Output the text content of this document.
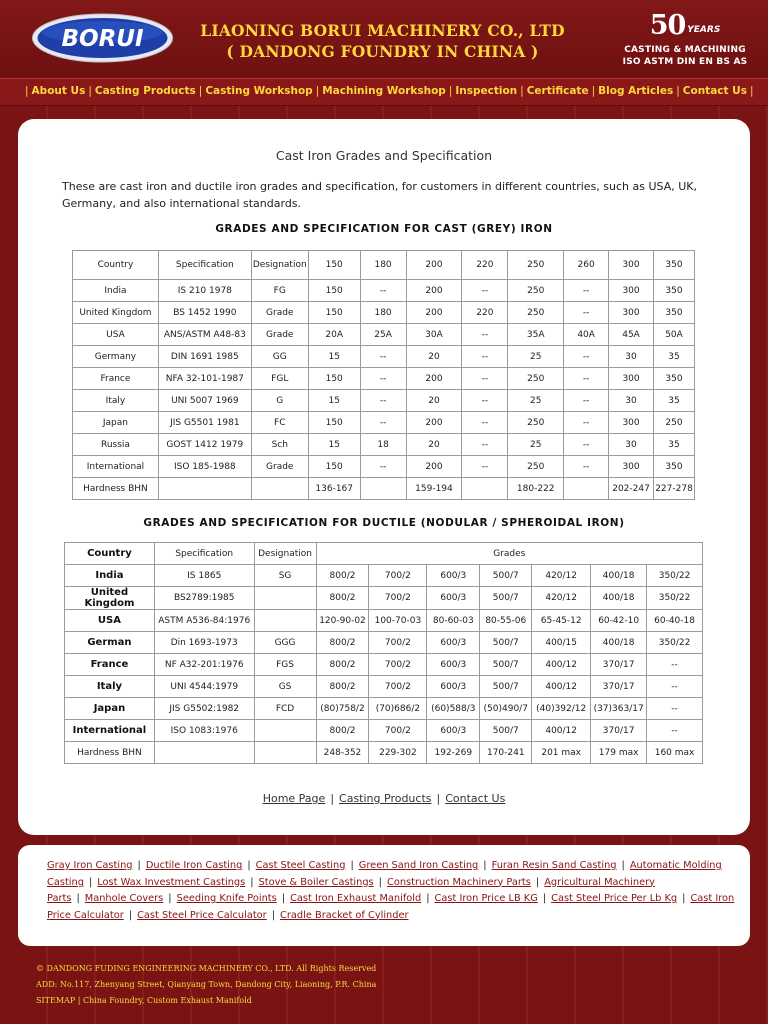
BORUI	LIAONING BORUI MACHINERY CO., LTD
( DANDONG FOUNDRY IN CHINA )
50 YEARS
CASTING & MACHINING
ISO ASTM DIN EN BS AS
| About Us | Casting Products | Casting Workshop | Machining Workshop | Inspection | Certificate | Blog Articles | Contact Us |
Cast Iron Grades and Specification
These are cast iron and ductile iron grades and specification, for customers in different countries, such as USA, UK, Germany, and also international standards.
GRADES AND SPECIFICATION FOR CAST (GREY) IRON
Country	Specification	Designation	150	180	200	220	250	260	300	350
India	IS 210 1978	FG	150	--	200	--	250	--	300	350
United Kingdom	BS 1452 1990	Grade	150	180	200	220	250	--	300	350
USA	ANS/ASTM A48-83	Grade	20A	25A	30A	--	35A	40A	45A	50A
Germany	DIN 1691 1985	GG	15	--	20	--	25	--	30	35
France	NFA 32-101-1987	FGL	150	--	200	--	250	--	300	350
Italy	UNI 5007 1969	G	15	--	20	--	25	--	30	35
Japan	JIS G5501 1981	FC	150	--	200	--	250	--	300	250
Russia	GOST 1412 1979	Sch	15	18	20	--	25	--	30	35
International	ISO 185-1988	Grade	150	--	200	--	250	--	300	350
Hardness BHN			136-167		159-194		180-222		202-247	227-278
GRADES AND SPECIFICATION FOR DUCTILE (NODULAR / SPHEROIDAL IRON)
Country	Specification	Designation	Grades						
India	IS 1865	SG	800/2	700/2	600/3	500/7	420/12	400/18	350/22
United Kingdom	BS2789:1985		800/2	700/2	600/3	500/7	420/12	400/18	350/22
USA	ASTM A536-84:1976		120-90-02	100-70-03	80-60-03	80-55-06	65-45-12	60-42-10	60-40-18
German	Din 1693-1973	GGG	800/2	700/2	600/3	500/7	400/15	400/18	350/22
France	NF A32-201:1976	FGS	800/2	700/2	600/3	500/7	400/12	370/17	--
Italy	UNI 4544:1979	GS	800/2	700/2	600/3	500/7	400/12	370/17	--
Japan	JIS G5502:1982	FCD	(80)758/2	(70)686/2	(60)588/3	(50)490/7	(40)392/12	(37)363/17	--
International	ISO 1083:1976		800/2	700/2	600/3	500/7	400/12	370/17	--
Hardness BHN			248-352	229-302	192-269	170-241	201 max	179 max	160 max
Home Page | Casting Products | Contact Us
Gray Iron Casting | Ductile Iron Casting | Cast Steel Casting | Green Sand Iron Casting | Furan Resin Sand Casting | Automatic Molding Casting | Lost Wax Investment Castings | Stove & Boiler Castings | Construction Machinery Parts | Agricultural Machinery Parts | Manhole Covers | Seeding Knife Points | Cast Iron Exhaust Manifold | Cast Iron Price LB KG | Cast Steel Price Per Lb Kg | Cast Iron Price Calculator | Cast Steel Price Calculator | Cradle Bracket of Cylinder
© DANDONG FUDING ENGINEERING MACHINERY CO., LTD. All Rights Reserved
ADD: No.117, Zhenyang Street, Qianyang Town, Dandong City, Liaoning, P.R. China
SITEMAP | China Foundry, Custom Exhaust Manifold
